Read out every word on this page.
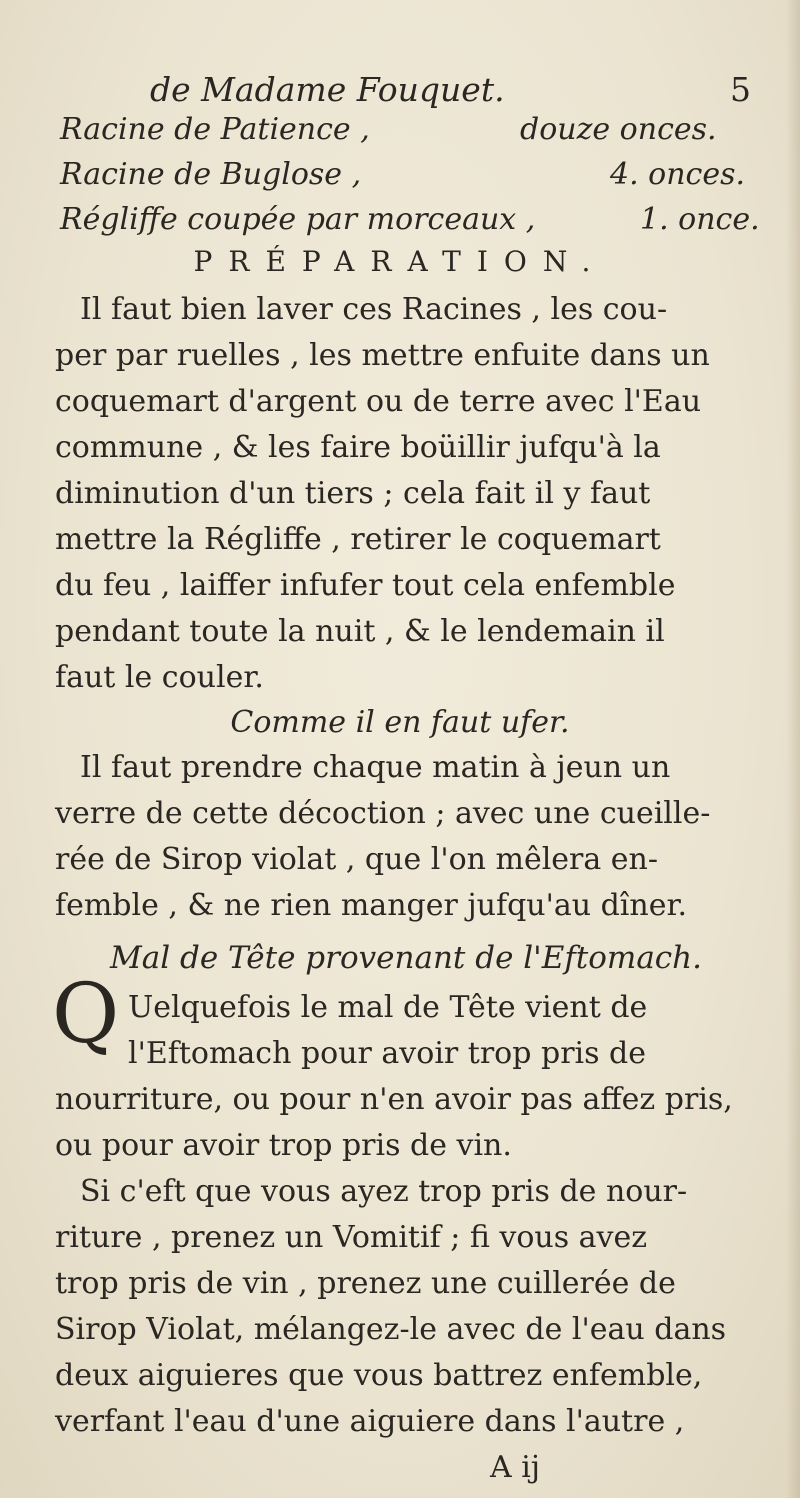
de Madame Fouquet.	5
Racine de Patience ,	douze onces.
Racine de Buglose ,	4. onces.
Régliffe coupée par morceaux ,	1. once.
PRÉPARATION.
Il faut bien laver ces Racines , les cou-
per par ruelles , les mettre enfuite dans un
coquemart d'argent ou de terre avec l'Eau
commune , & les faire boüillir jufqu'à la
diminution d'un tiers ; cela fait il y faut
mettre la Régliffe , retirer le coquemart
du feu , laiffer infufer tout cela enfemble
pendant toute la nuit , & le lendemain il
faut le couler.
Comme il en faut ufer.
Il faut prendre chaque matin à jeun un
verre de cette décoction ; avec une cueille-
rée de Sirop violat , que l'on mêlera en-
femble , & ne rien manger jufqu'au dîner.
Mal de Tête provenant de l'Eftomach.
Q Uelquefois le mal de Tête vient de
l'Eftomach pour avoir trop pris de
nourriture, ou pour n'en avoir pas affez pris,
ou pour avoir trop pris de vin.
Si c'eft que vous ayez trop pris de nour-
riture , prenez un Vomitif ; fi vous avez
trop pris de vin , prenez une cuillerée de
Sirop Violat, mélangez-le avec de l'eau dans
deux aiguieres que vous battrez enfemble,
verfant l'eau d'une aiguiere dans l'autre ,
A ij
